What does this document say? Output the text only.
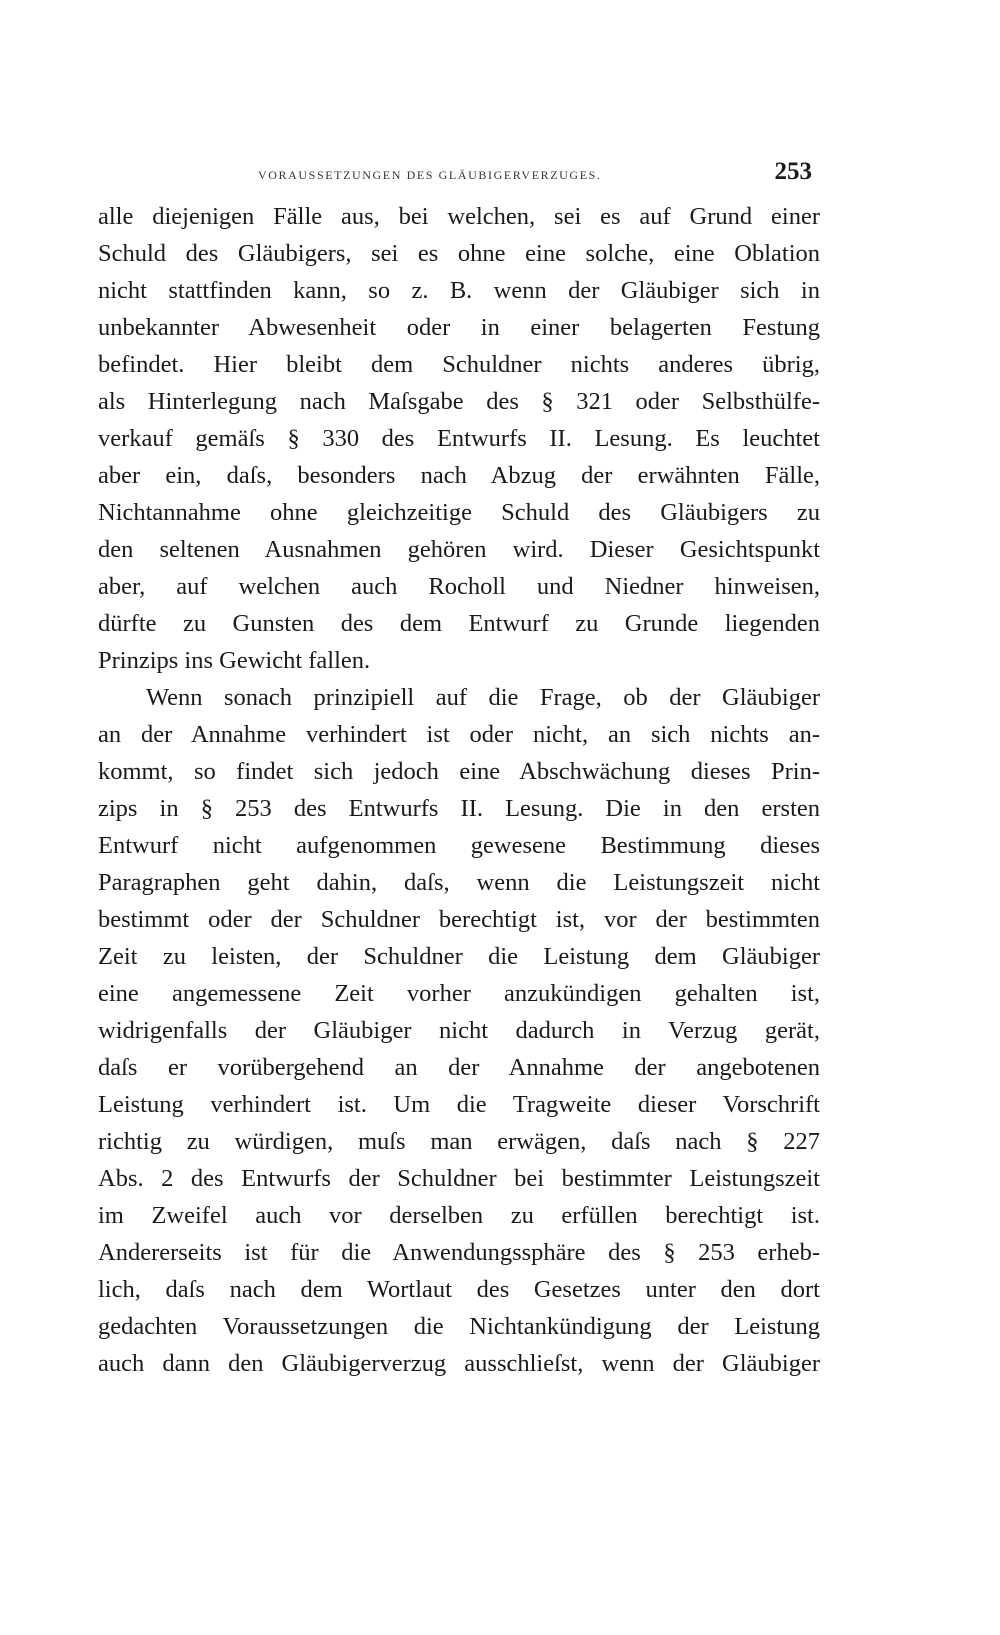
VORAUSSETZUNGEN DES GLÄUBIGERVERZUGES.	253
alle diejenigen Fälle aus, bei welchen, sei es auf Grund einer
Schuld des Gläubigers, sei es ohne eine solche, eine Oblation
nicht stattfinden kann, so z. B. wenn der Gläubiger sich in
unbekannter Abwesenheit oder in einer belagerten Festung
befindet. Hier bleibt dem Schuldner nichts anderes übrig,
als Hinterlegung nach Maſsgabe des § 321 oder Selbsthülfe-
verkauf gemäſs § 330 des Entwurfs II. Lesung. Es leuchtet
aber ein, daſs, besonders nach Abzug der erwähnten Fälle,
Nichtannahme ohne gleichzeitige Schuld des Gläubigers zu
den seltenen Ausnahmen gehören wird. Dieser Gesichtspunkt
aber, auf welchen auch Rocholl und Niedner hinweisen,
dürfte zu Gunsten des dem Entwurf zu Grunde liegenden
Prinzips ins Gewicht fallen.
Wenn sonach prinzipiell auf die Frage, ob der Gläubiger
an der Annahme verhindert ist oder nicht, an sich nichts an-
kommt, so findet sich jedoch eine Abschwächung dieses Prin-
zips in § 253 des Entwurfs II. Lesung. Die in den ersten
Entwurf nicht aufgenommen gewesene Bestimmung dieses
Paragraphen geht dahin, daſs, wenn die Leistungszeit nicht
bestimmt oder der Schuldner berechtigt ist, vor der bestimmten
Zeit zu leisten, der Schuldner die Leistung dem Gläubiger
eine angemessene Zeit vorher anzukündigen gehalten ist,
widrigenfalls der Gläubiger nicht dadurch in Verzug gerät,
daſs er vorübergehend an der Annahme der angebotenen
Leistung verhindert ist. Um die Tragweite dieser Vorschrift
richtig zu würdigen, muſs man erwägen, daſs nach § 227
Abs. 2 des Entwurfs der Schuldner bei bestimmter Leistungszeit
im Zweifel auch vor derselben zu erfüllen berechtigt ist.
Andererseits ist für die Anwendungssphäre des § 253 erheb-
lich, daſs nach dem Wortlaut des Gesetzes unter den dort
gedachten Voraussetzungen die Nichtankündigung der Leistung
auch dann den Gläubigerverzug ausschlieſst, wenn der Gläubiger
